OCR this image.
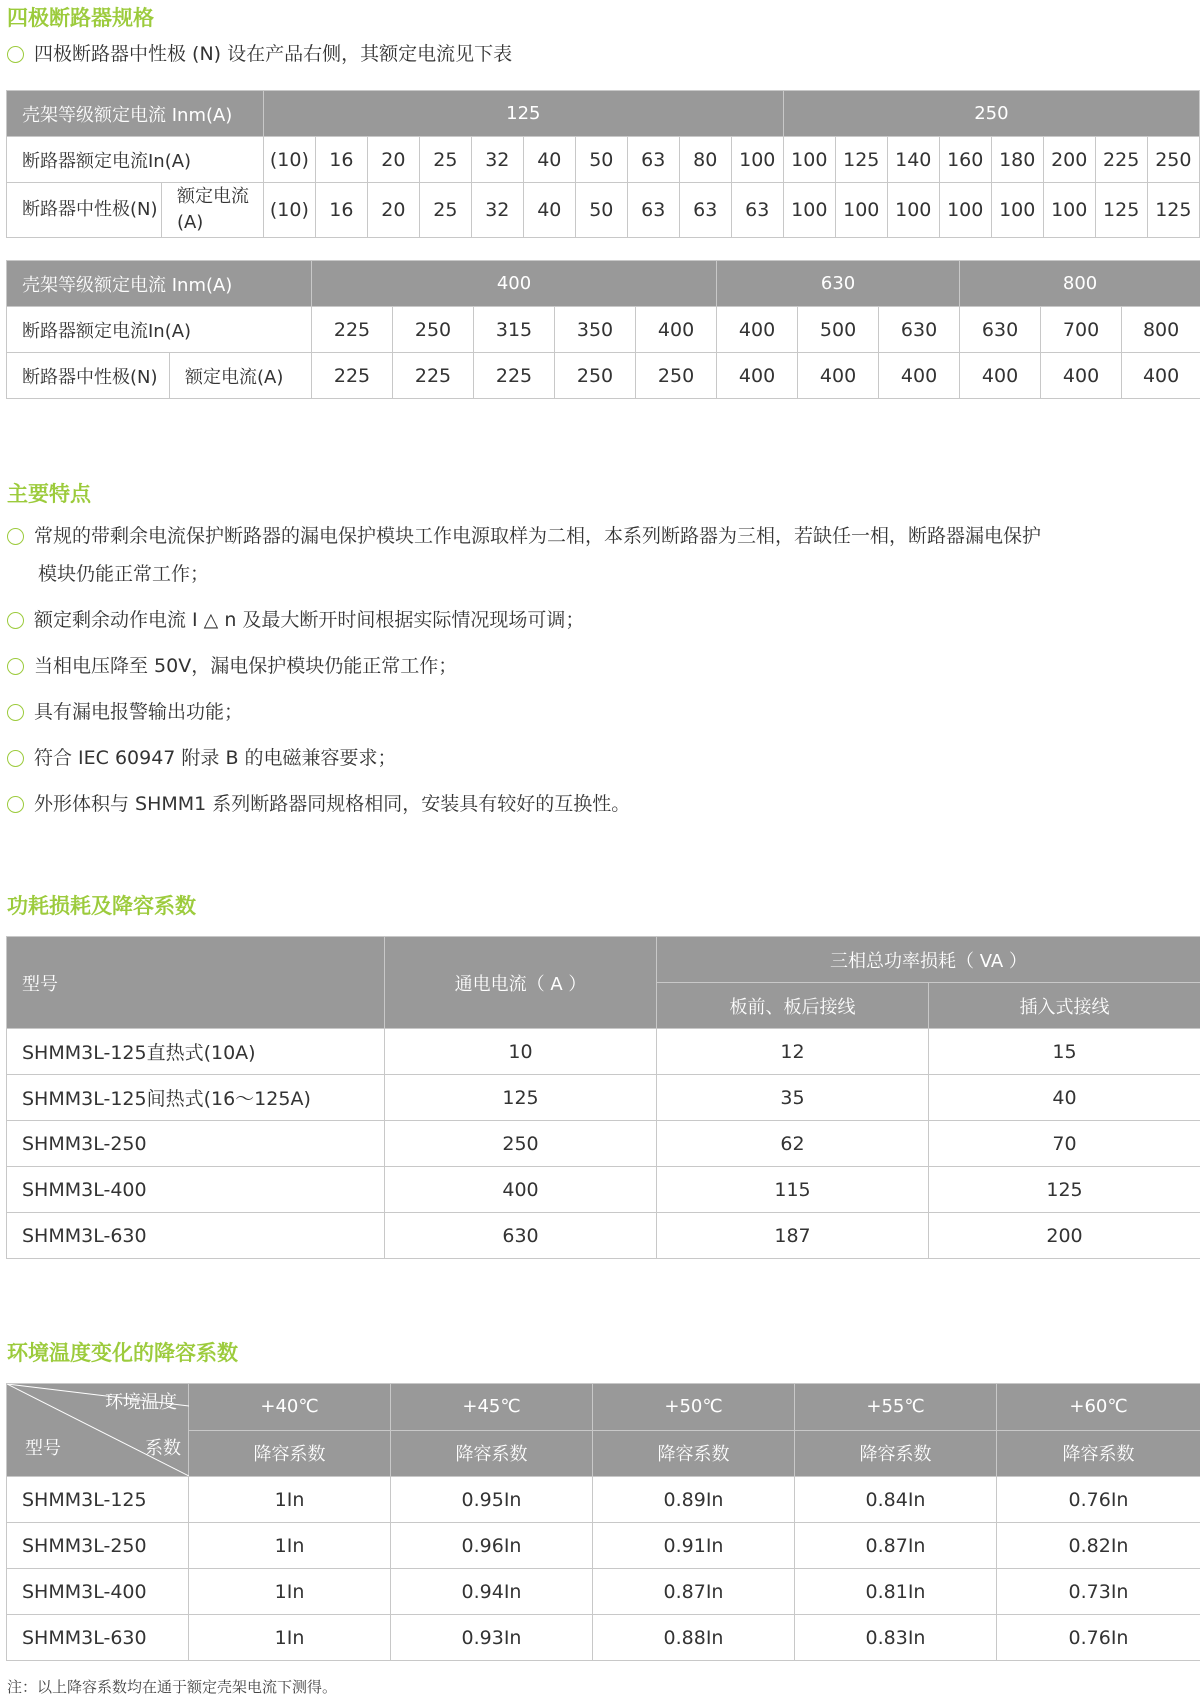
四极断路器规格
四极断路器中性极 (N) 设在产品右侧，其额定电流见下表
壳架等级额定电流 Inm(A)		125										250							
断路器额定电流In(A)		(10)	16	20	25	32	40	50	63	80	100	100	125	140	160	180	200	225	250
断路器中性极(N)	额定电流(A)	(10)	16	20	25	32	40	50	63	63	63	100	100	100	100	100	100	125	125
壳架等级额定电流 Inm(A)		400					630			800		
断路器额定电流In(A)		225	250	315	350	400	400	500	630	630	700	800
断路器中性极(N)	额定电流(A)	225	225	225	250	250	400	400	400	400	400	400
主要特点
常规的带剩余电流保护断路器的漏电保护模块工作电源取样为二相，本系列断路器为三相，若缺任一相，断路器漏电保护
模块仍能正常工作；
额定剩余动作电流 I △ n 及最大断开时间根据实际情况现场可调；
当相电压降至 50V，漏电保护模块仍能正常工作；
具有漏电报警输出功能；
符合 IEC 60947 附录 B 的电磁兼容要求；
外形体积与 SHMM1 系列断路器同规格相同，安装具有较好的互换性。
功耗损耗及降容系数
型号	通电电流（ A ）	三相总功率损耗（ VA ）	
		板前、板后接线	插入式接线
SHMM3L-125直热式(10A)	10	12	15
SHMM3L-125间热式(16～125A)	125	35	40
SHMM3L-250	250	62	70
SHMM3L-400	400	115	125
SHMM3L-630	630	187	200
环境温度变化的降容系数
环境温度
系数
型号	+40℃	+45℃	+50℃	+55℃	+60℃
	降容系数	降容系数	降容系数	降容系数	降容系数
SHMM3L-125	1In	0.95In	0.89In	0.84In	0.76In
SHMM3L-250	1In	0.96In	0.91In	0.87In	0.82In
SHMM3L-400	1In	0.94In	0.87In	0.81In	0.73In
SHMM3L-630	1In	0.93In	0.88In	0.83In	0.76In
注：以上降容系数均在通于额定壳架电流下测得。
